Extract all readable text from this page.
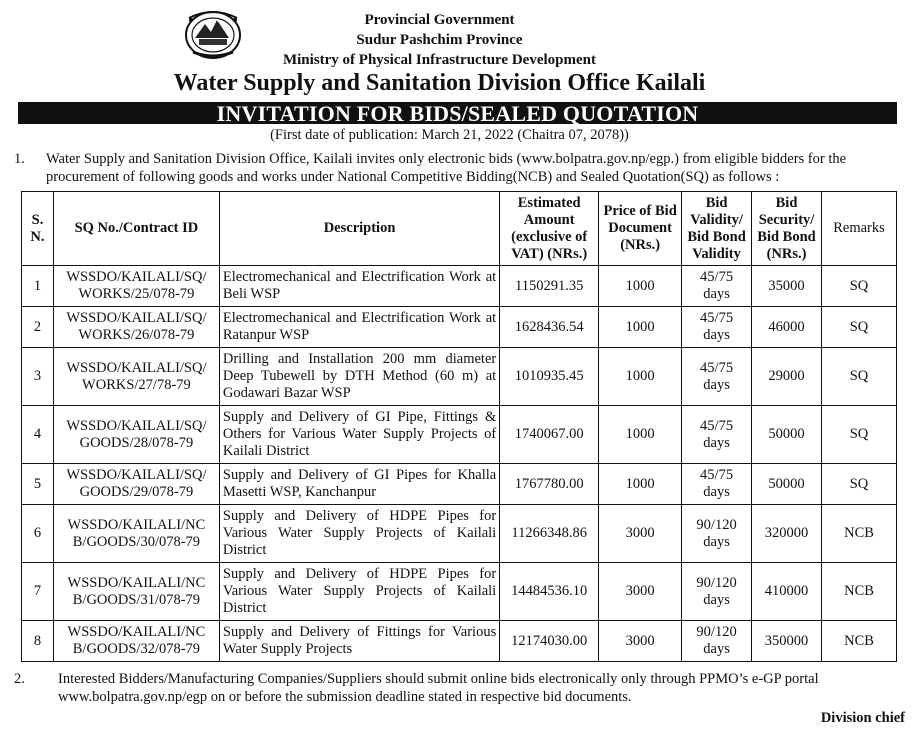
Provincial Government
Sudur Pashchim Province
Ministry of Physical Infrastructure Development
Water Supply and Sanitation Division Office Kailali
INVITATION FOR BIDS/SEALED QUOTATION
(First date of publication: March 21, 2022 (Chaitra 07, 2078))
1. Water Supply and Sanitation Division Office, Kailali invites only electronic bids (www.bolpatra.gov.np/egp.) from eligible bidders for the procurement of following goods and works under National Competitive Bidding(NCB) and Sealed Quotation(SQ) as follows :
S. N.	SQ No./Contract ID	Description	Estimated Amount (exclusive of VAT) (NRs.)	Price of Bid Document (NRs.)	Bid Validity/ Bid Bond Validity	Bid Security/ Bid Bond (NRs.)	Remarks
1	WSSDO/KAILALI/SQ/ WORKS/25/078-79	Electromechanical and Electrification Work at Beli WSP	1150291.35	1000	45/75 days	35000	SQ
2	WSSDO/KAILALI/SQ/ WORKS/26/078-79	Electromechanical and Electrification Work at Ratanpur WSP	1628436.54	1000	45/75 days	46000	SQ
3	WSSDO/KAILALI/SQ/ WORKS/27/78-79	Drilling and Installation 200 mm diameter Deep Tubewell by DTH Method (60 m) at Godawari Bazar WSP	1010935.45	1000	45/75 days	29000	SQ
4	WSSDO/KAILALI/SQ/ GOODS/28/078-79	Supply and Delivery of GI Pipe, Fittings & Others for Various Water Supply Projects of Kailali District	1740067.00	1000	45/75 days	50000	SQ
5	WSSDO/KAILALI/SQ/ GOODS/29/078-79	Supply and Delivery of GI Pipes for Khalla Masetti WSP, Kanchanpur	1767780.00	1000	45/75 days	50000	SQ
6	WSSDO/KAILALI/NC B/GOODS/30/078-79	Supply and Delivery of HDPE Pipes for Various Water Supply Projects of Kailali District	11266348.86	3000	90/120 days	320000	NCB
7	WSSDO/KAILALI/NC B/GOODS/31/078-79	Supply and Delivery of HDPE Pipes for Various Water Supply Projects of Kailali District	14484536.10	3000	90/120 days	410000	NCB
8	WSSDO/KAILALI/NC B/GOODS/32/078-79	Supply and Delivery of Fittings for Various Water Supply Projects	12174030.00	3000	90/120 days	350000	NCB
2. Interested Bidders/Manufacturing Companies/Suppliers should submit online bids electronically only through PPMO’s e-GP portal www.bolpatra.gov.np/egp on or before the submission deadline stated in respective bid documents.
Division chief
